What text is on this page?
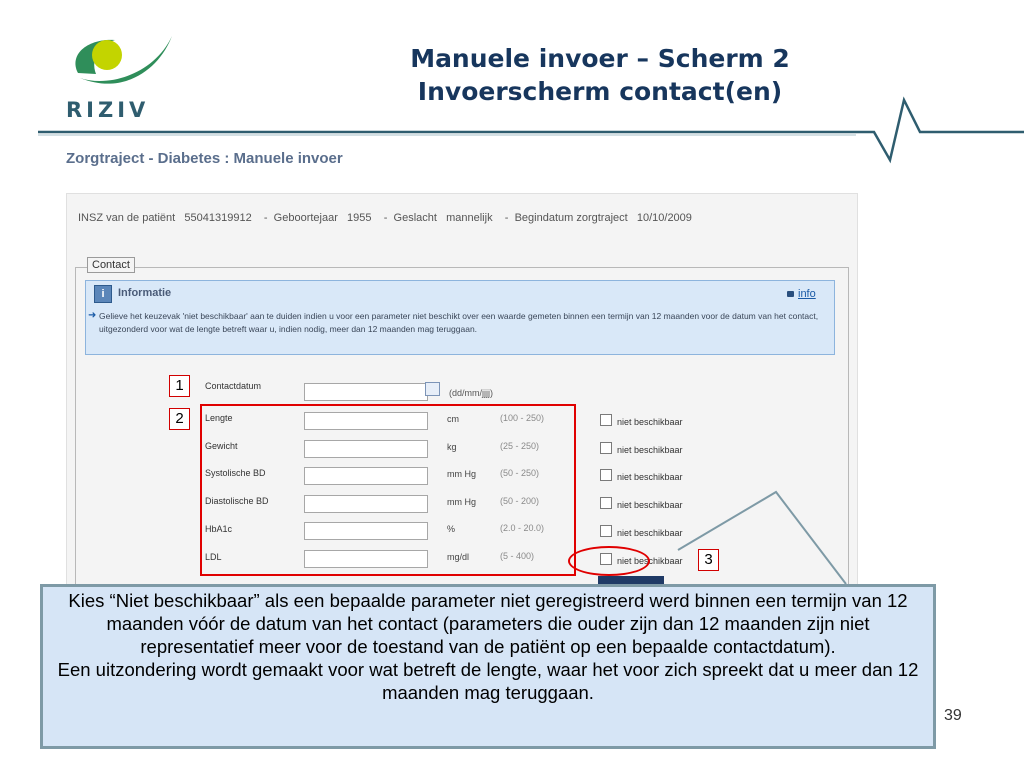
RIZIV
Manuele invoer – Scherm 2
Invoerscherm contact(en)
Zorgtraject - Diabetes : Manuele invoer
INSZ van de patiënt   55041319912    -  Geboortejaar   1955    -  Geslacht   mannelijk    -  Begindatum zorgtraject   10/10/2009
Contact
i	Informatie	info
➜ Gelieve het keuzevak 'niet beschikbaar' aan te duiden indien u voor een parameter niet beschikt over een waarde gemeten binnen een termijn van 12 maanden voor de datum van het contact, uitgezonderd voor wat de lengte betreft waar u, indien nodig, meer dan 12 maanden mag teruggaan.
Contactdatum
(dd/mm/jjjj)
Lengte	cm	(100 - 250)	niet beschikbaar
Gewicht	kg	(25 - 250)	niet beschikbaar
Systolische BD	mm Hg	(50 - 250)	niet beschikbaar
Diastolische BD	mm Hg	(50 - 200)	niet beschikbaar
HbA1c	%	(2.0 - 20.0)	niet beschikbaar
LDL	mg/dl	(5 - 400)	niet beschikbaar
1
2
3
Kies “Niet beschikbaar” als een bepaalde parameter niet geregistreerd werd binnen een termijn van 12 maanden vóór de datum van het contact (parameters die ouder zijn dan 12 maanden zijn niet representatief meer voor de toestand van de patiënt op een bepaalde contactdatum).
Een uitzondering wordt gemaakt voor wat betreft de lengte, waar het voor zich spreekt dat u meer dan 12 maanden mag teruggaan.
39
